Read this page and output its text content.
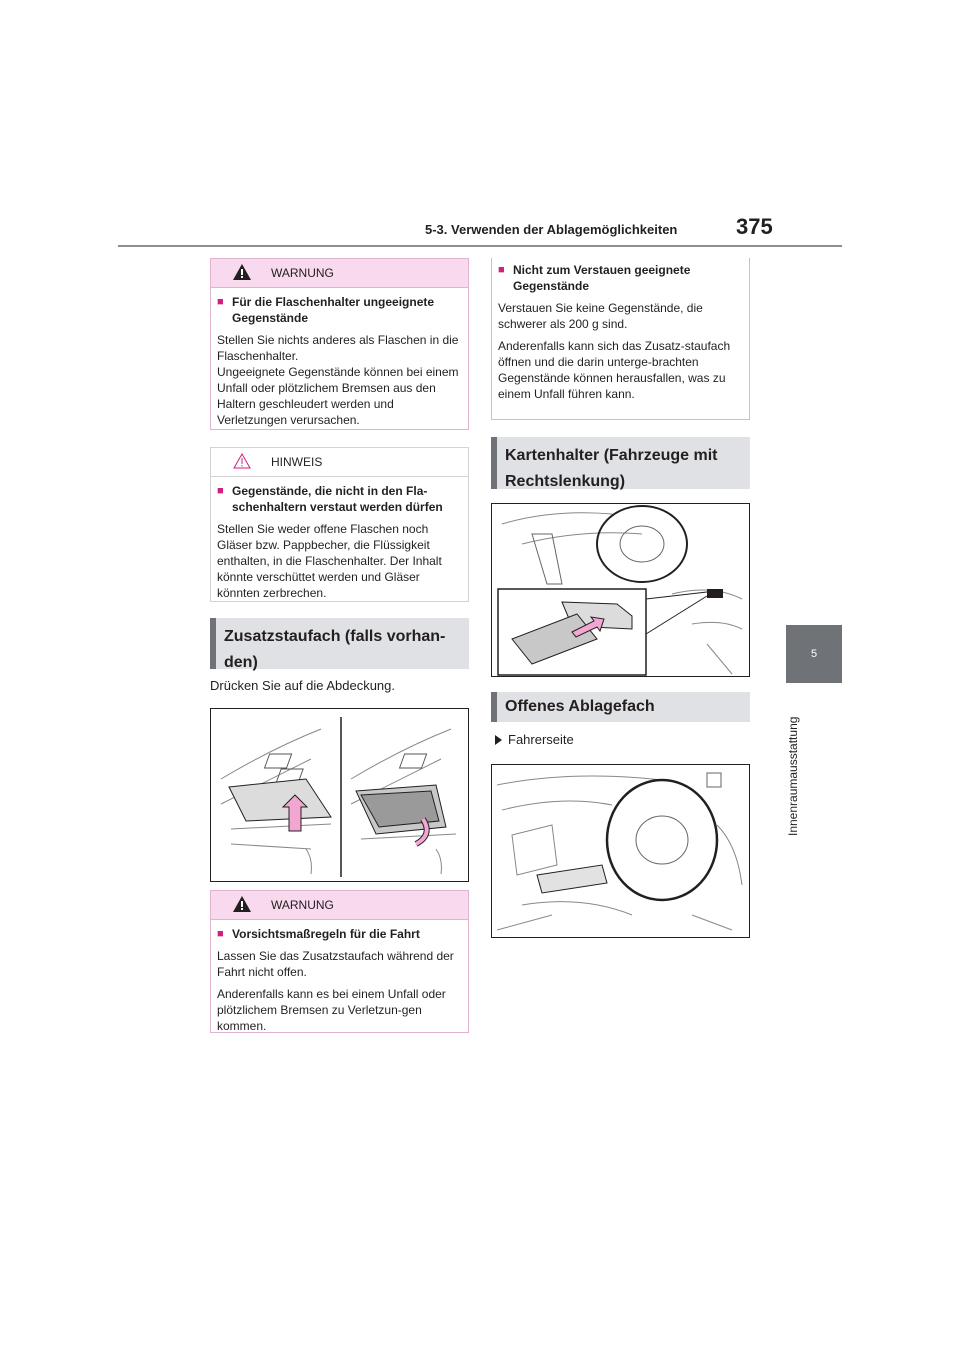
5-3. Verwenden der Ablagemöglichkeiten	375
5
Innenraumausstattung
WARNUNG
■ Für die Flaschenhalter ungeeignete Gegenstände

Stellen Sie nichts anderes als Flaschen in die Flaschenhalter.
Ungeeignete Gegenstände können bei einem Unfall oder plötzlichem Bremsen aus den Haltern geschleudert werden und Verletzungen verursachen.

HINWEIS
■ Gegenstände, die nicht in den Fla-schenhaltern verstaut werden dürfen

Stellen Sie weder offene Flaschen noch Gläser bzw. Pappbecher, die Flüssigkeit enthalten, in die Flaschenhalter. Der Inhalt könnte verschüttet werden und Gläser könnten zerbrechen.

Zusatzstaufach (falls vorhan-den)
Drücken Sie auf die Abdeckung.
WARNUNG
■ Vorsichtsmaßregeln für die Fahrt

Lassen Sie das Zusatzstaufach während der Fahrt nicht offen.

Anderenfalls kann es bei einem Unfall oder plötzlichem Bremsen zu Verletzun-gen kommen.

■ Nicht zum Verstauen geeignete Gegenstände

Verstauen Sie keine Gegenstände, die schwerer als 200 g sind.

Anderenfalls kann sich das Zusatz-staufach öffnen und die darin unterge-brachten Gegenstände können herausfallen, was zu einem Unfall führen kann.

Kartenhalter (Fahrzeuge mit Rechtslenkung)
Offenes Ablagefach
Fahrerseite
